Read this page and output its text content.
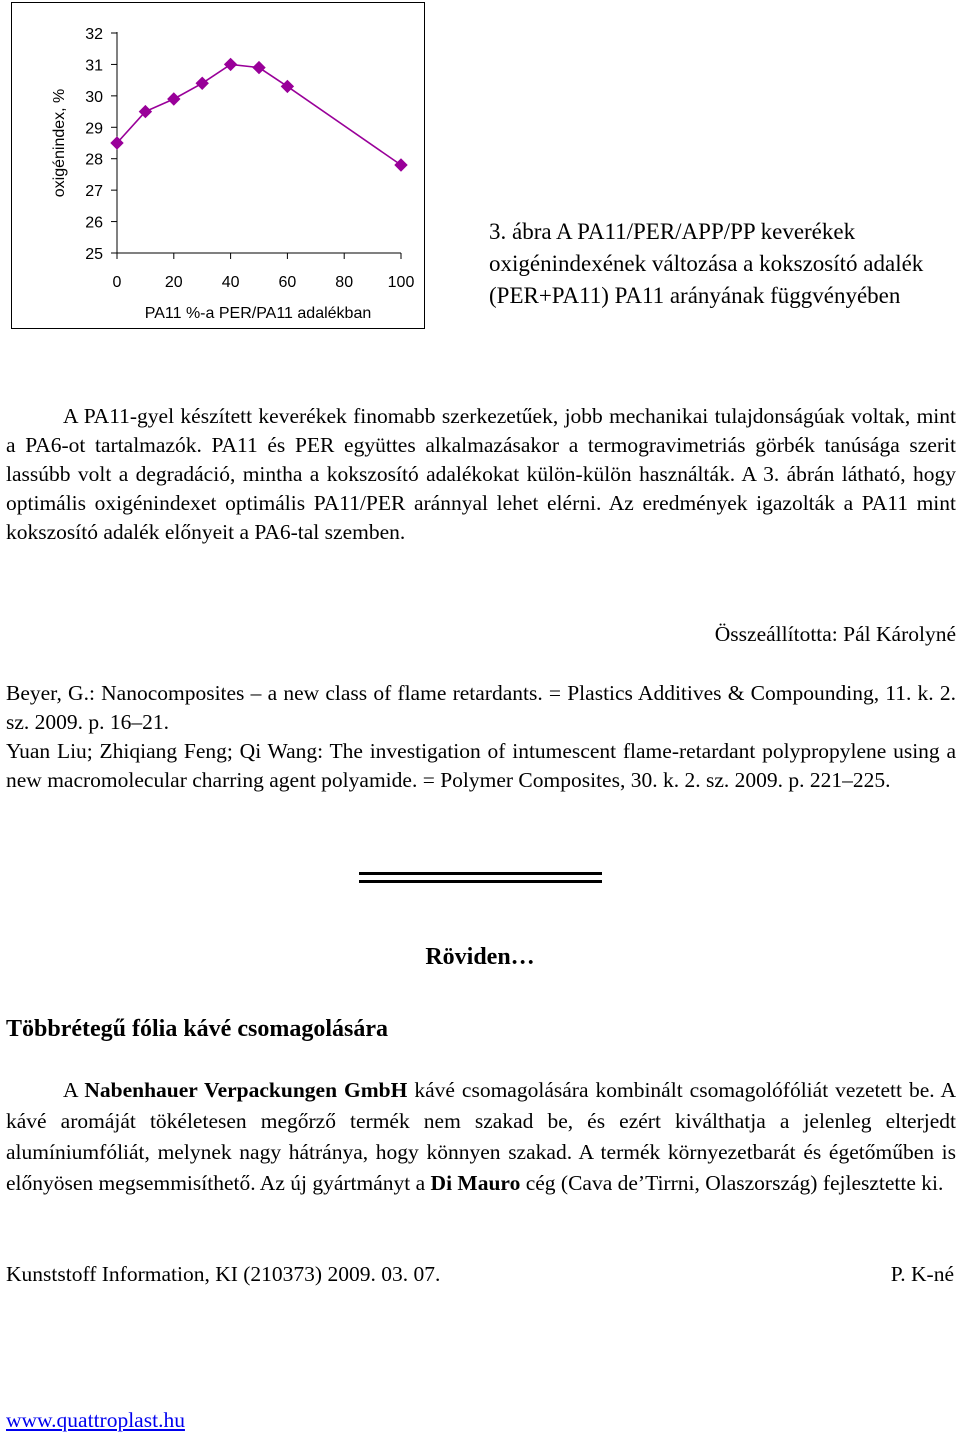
32
31
30
29
28
27
26
25
0	20 40 60 80 100
oxigénindex, %
PA11 %-a PER/PA11 adalékban
3. ábra A PA11/PER/APP/PP keverékek oxigénindexének változása a kokszosító adalék (PER+PA11) PA11 arányának függvényében

A PA11-gyel készített keverékek finomabb szerkezetűek, jobb mechanikai tulajdonságúak voltak, mint a PA6-ot tartalmazók. PA11 és PER együttes alkalmazásakor a termogravimetriás görbék tanúsága szerit lassúbb volt a degradáció, mintha a kokszosító adalékokat külön-külön használták. A 3. ábrán látható, hogy optimális oxigénindexet optimális PA11/PER aránnyal lehet elérni. Az eredmények igazolták a PA11 mint kokszosító adalék előnyeit a PA6-tal szemben.

Összeállította: Pál Károlyné

Beyer, G.: Nanocomposites – a new class of flame retardants. = Plastics Additives & Compounding, 11. k. 2. sz. 2009. p. 16–21.

Yuan Liu; Zhiqiang Feng; Qi Wang: The investigation of intumescent flame-retardant polypropylene using a new macromolecular charring agent polyamide. = Polymer Composites, 30. k. 2. sz. 2009. p. 221–225.

Röviden…
Többrétegű fólia kávé csomagolására

A Nabenhauer Verpackungen GmbH kávé csomagolására kombinált csomagolófóliát vezetett be. A kávé aromáját tökéletesen megőrző termék nem szakad be, és ezért kiválthatja a jelenleg elterjedt alumíniumfóliát, melynek nagy hátránya, hogy könnyen szakad. A termék környezetbarát és égetőműben is előnyösen megsemmisíthető. Az új gyártmányt a Di Mauro cég (Cava de’Tirrni, Olaszország) fejlesztette ki.

Kunststoff Information, KI (210373) 2009. 03. 07.	P. K-né
www.quattroplast.hu
